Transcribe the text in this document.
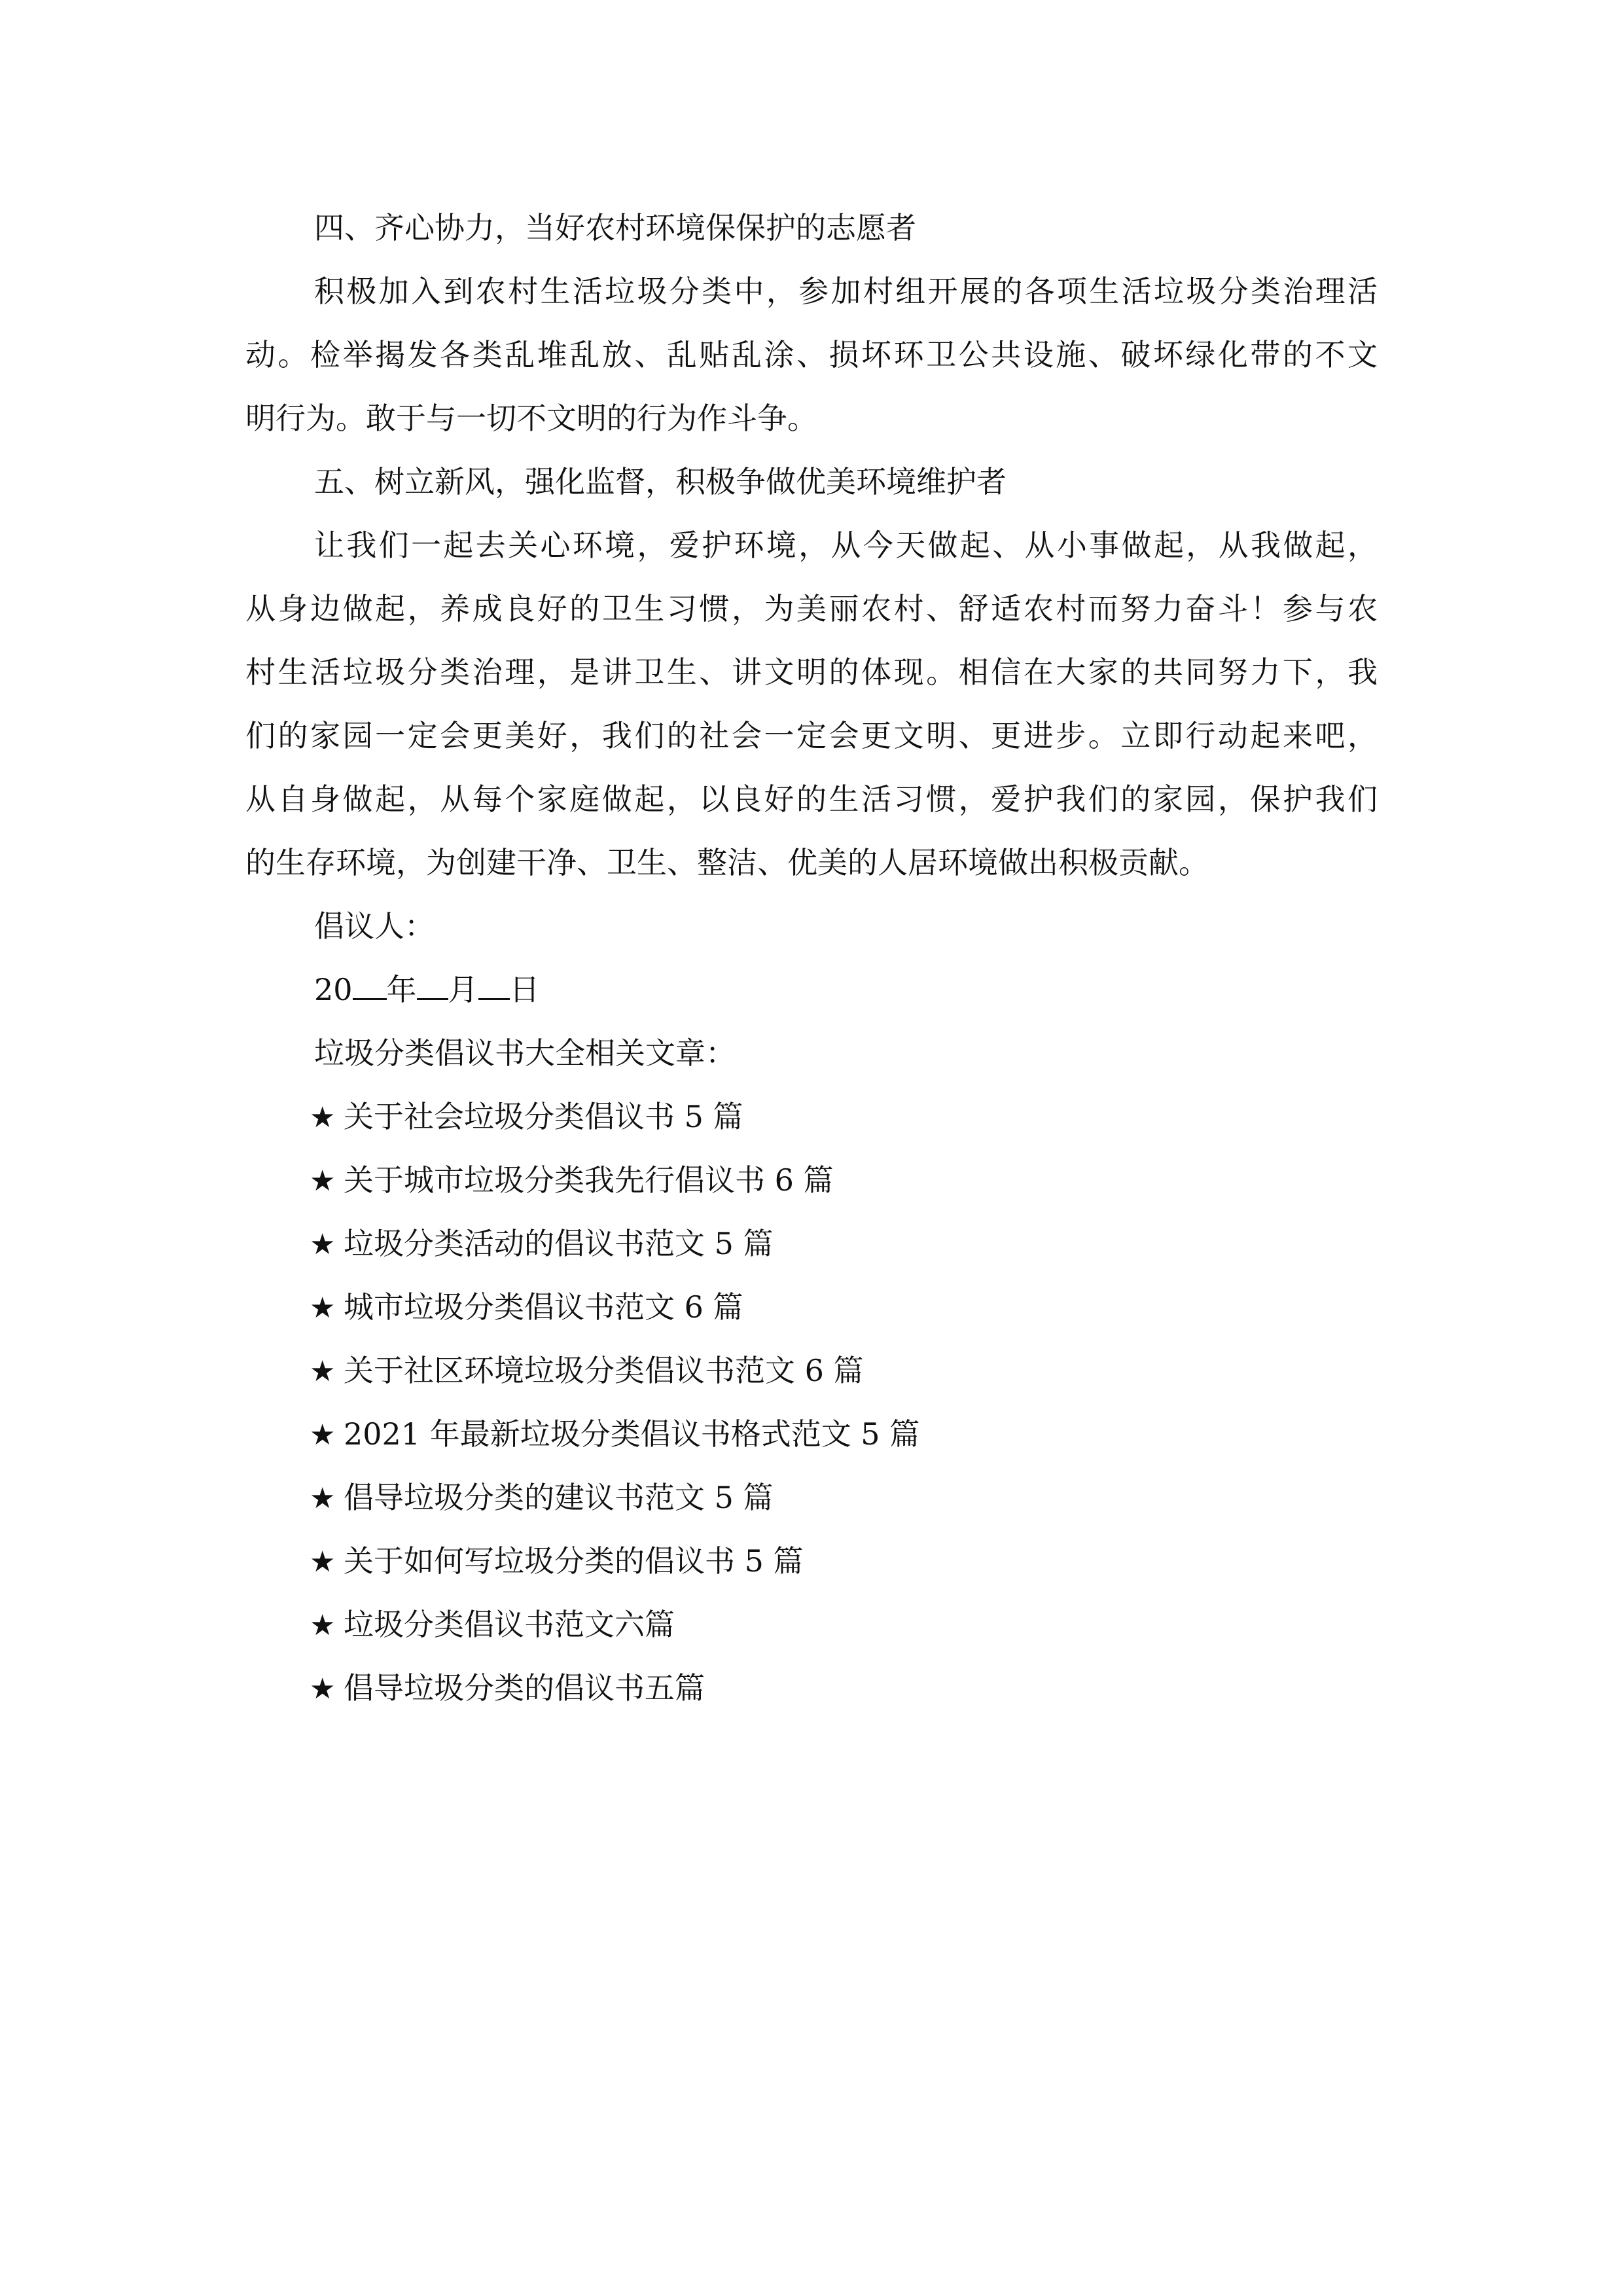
四、齐心协力，当好农村环境保保护的志愿者
积极加入到农村生活垃圾分类中，参加村组开展的各项生活垃圾分类治理活
动。检举揭发各类乱堆乱放、乱贴乱涂、损坏环卫公共设施、破坏绿化带的不文
明行为。敢于与一切不文明的行为作斗争。
五、树立新风，强化监督，积极争做优美环境维护者
让我们一起去关心环境，爱护环境，从今天做起、从小事做起，从我做起，
从身边做起，养成良好的卫生习惯，为美丽农村、舒适农村而努力奋斗！参与农
村生活垃圾分类治理，是讲卫生、讲文明的体现。相信在大家的共同努力下，我
们的家园一定会更美好，我们的社会一定会更文明、更进步。立即行动起来吧，
从自身做起，从每个家庭做起，以良好的生活习惯，爱护我们的家园，保护我们
的生存环境，为创建干净、卫生、整洁、优美的人居环境做出积极贡献。
倡议人：
20 年 月 日
垃圾分类倡议书大全相关文章：
★ 关于社会垃圾分类倡议书 5 篇
★ 关于城市垃圾分类我先行倡议书 6 篇
★ 垃圾分类活动的倡议书范文 5 篇
★ 城市垃圾分类倡议书范文 6 篇
★ 关于社区环境垃圾分类倡议书范文 6 篇
★ 2021 年最新垃圾分类倡议书格式范文 5 篇
★ 倡导垃圾分类的建议书范文 5 篇
★ 关于如何写垃圾分类的倡议书 5 篇
★ 垃圾分类倡议书范文六篇
★ 倡导垃圾分类的倡议书五篇
